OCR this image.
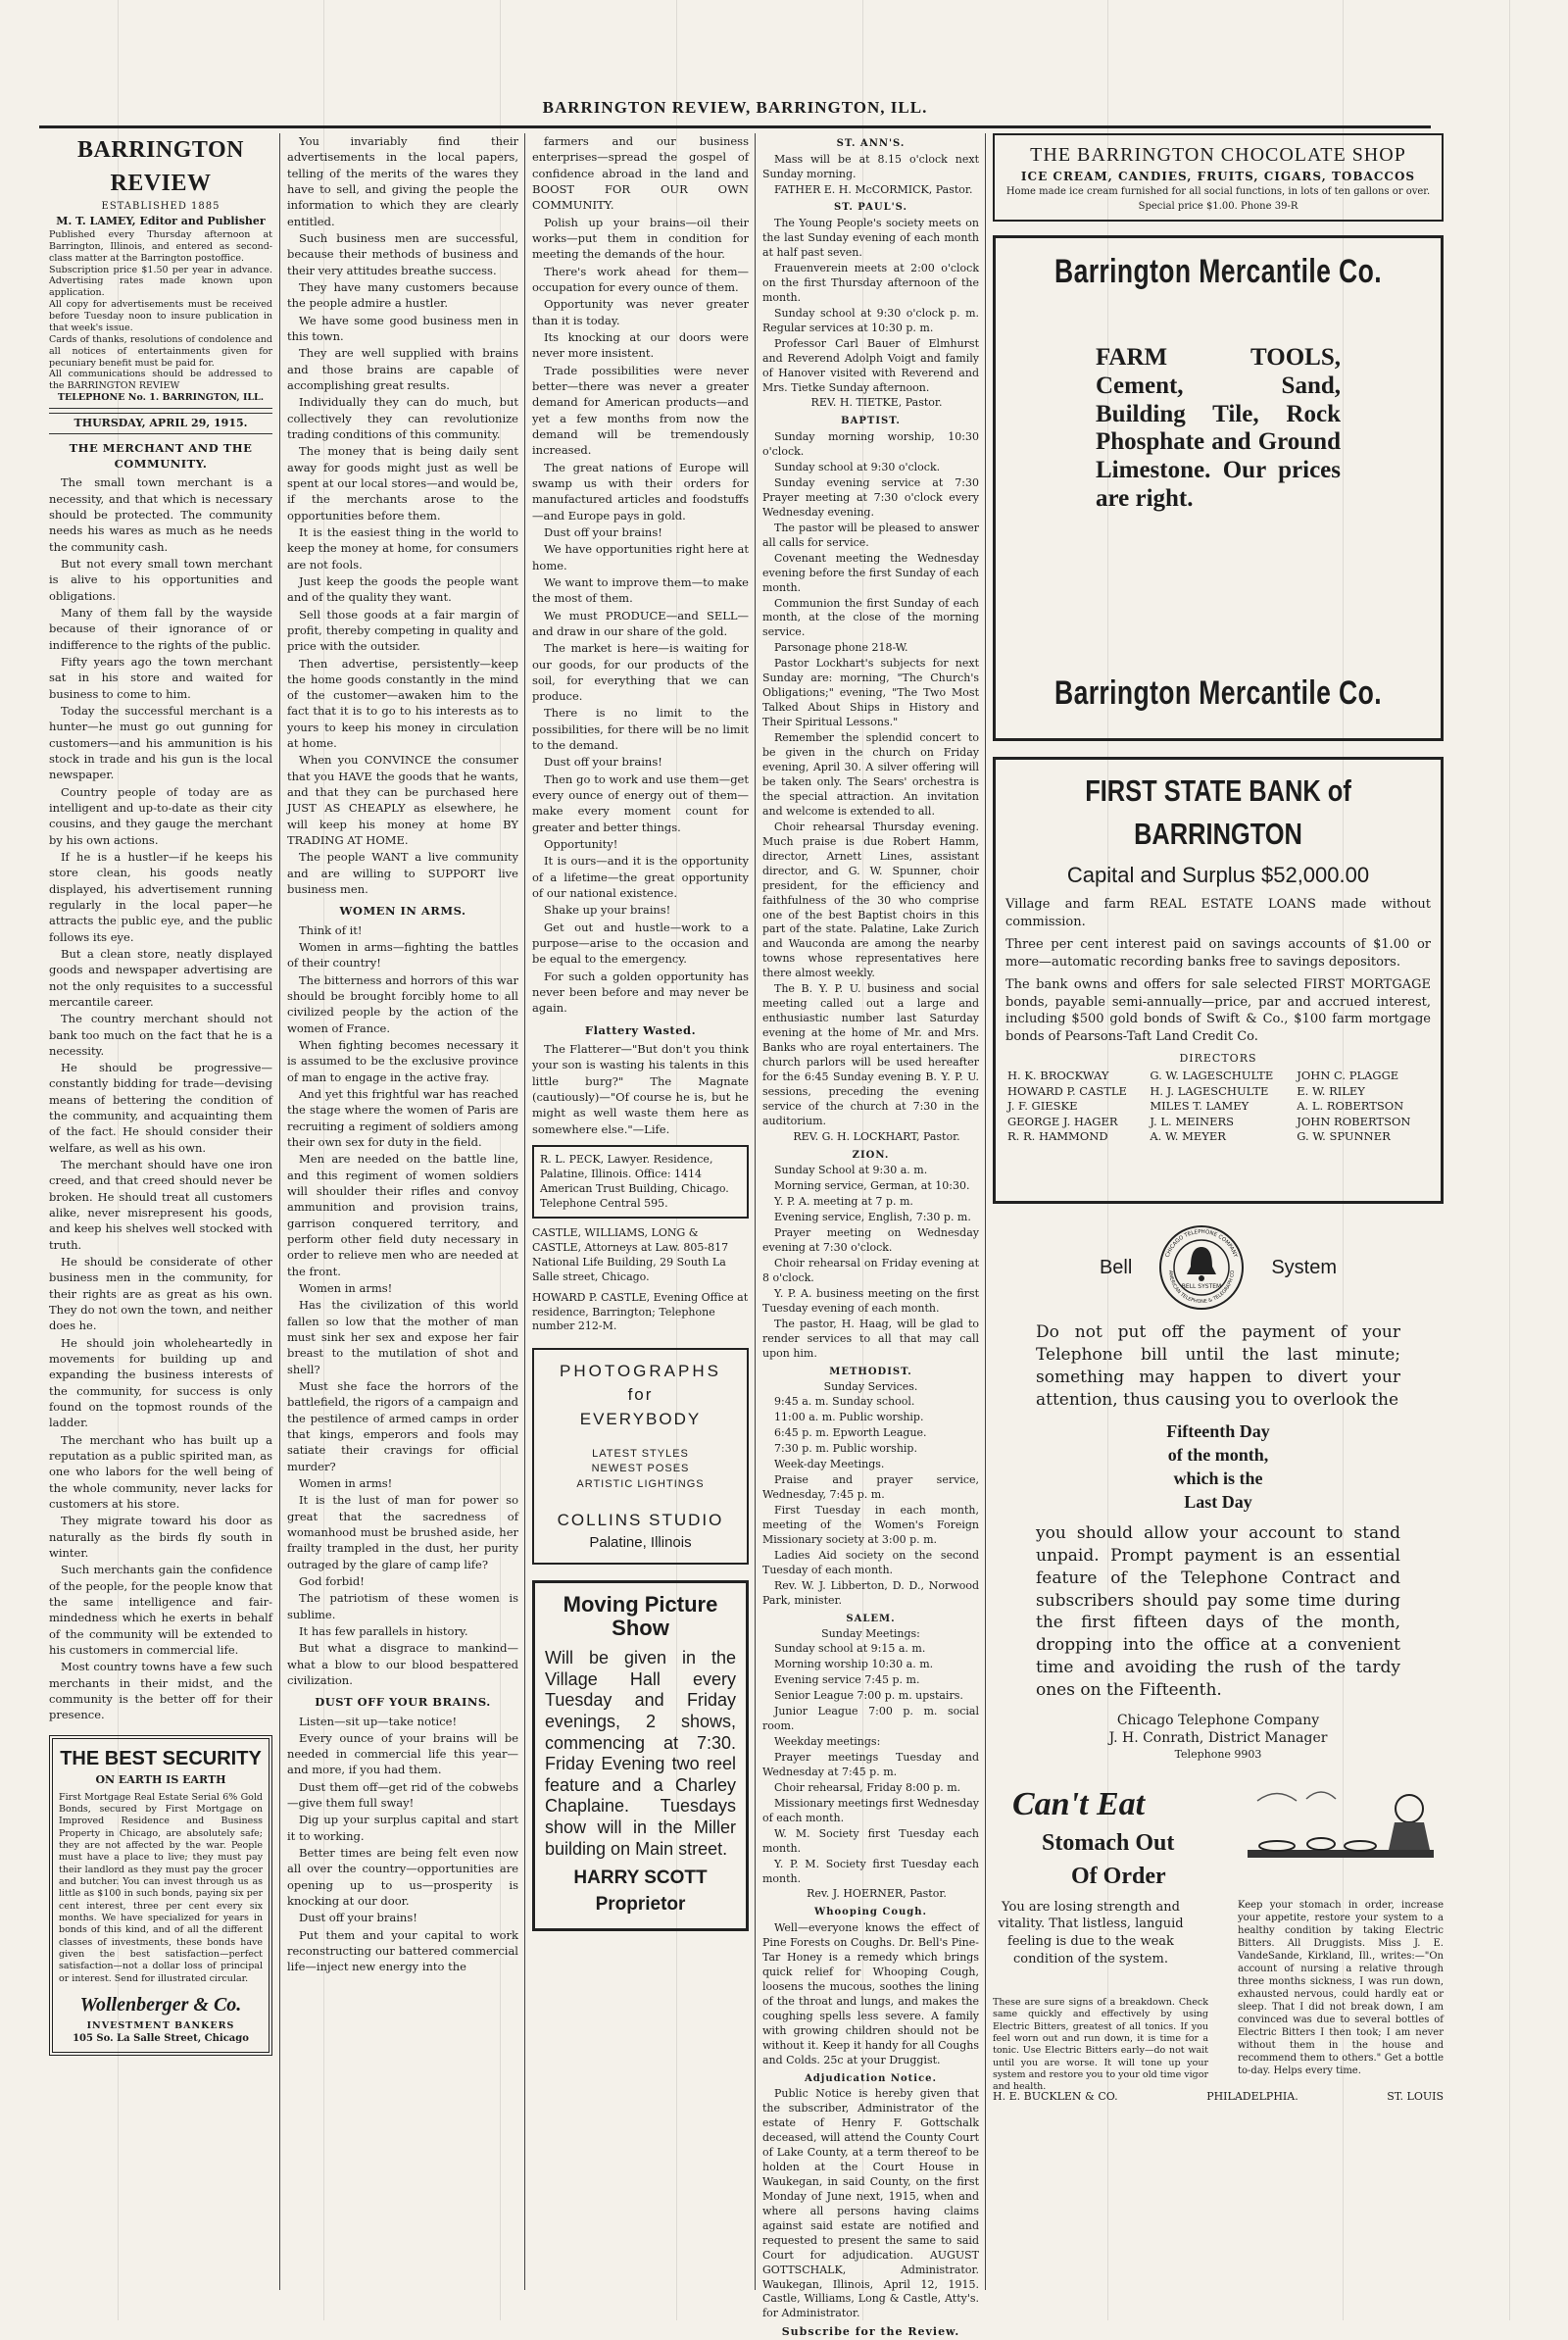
BARRINGTON REVIEW, BARRINGTON, ILL.
BARRINGTON REVIEW
ESTABLISHED 1885
M. T. LAMEY, Editor and Publisher
Published every Thursday afternoon at Barrington, Illinois, and entered as second-class matter at the Barrington postoffice.
Subscription price $1.50 per year in advance. Advertising rates made known upon application.
All copy for advertisements must be received before Tuesday noon to insure publication in that week's issue.
Cards of thanks, resolutions of condolence and all notices of entertainments given for pecuniary benefit must be paid for.
All communications should be addressed to the BARRINGTON REVIEW
TELEPHONE No. 1. BARRINGTON, ILL.
THURSDAY, APRIL 29, 1915.
THE MERCHANT AND THE COMMUNITY.

The small town merchant is a necessity, and that which is necessary should be protected. The community needs his wares as much as he needs the community cash.

But not every small town merchant is alive to his opportunities and obligations.

Many of them fall by the wayside because of their ignorance of or indifference to the rights of the public.

Fifty years ago the town merchant sat in his store and waited for business to come to him.

Today the successful merchant is a hunter—he must go out gunning for customers—and his ammunition is his stock in trade and his gun is the local newspaper.

Country people of today are as intelligent and up-to-date as their city cousins, and they gauge the merchant by his own actions.

If he is a hustler—if he keeps his store clean, his goods neatly displayed, his advertisement running regularly in the local paper—he attracts the public eye, and the public follows its eye.

But a clean store, neatly displayed goods and newspaper advertising are not the only requisites to a successful mercantile career.

The country merchant should not bank too much on the fact that he is a necessity.

He should be progressive—constantly bidding for trade—devising means of bettering the condition of the community, and acquainting them of the fact. He should consider their welfare, as well as his own.

The merchant should have one iron creed, and that creed should never be broken. He should treat all customers alike, never misrepresent his goods, and keep his shelves well stocked with truth.

He should be considerate of other business men in the community, for their rights are as great as his own. They do not own the town, and neither does he.

He should join wholeheartedly in movements for building up and expanding the business interests of the community, for success is only found on the topmost rounds of the ladder.

The merchant who has built up a reputation as a public spirited man, as one who labors for the well being of the whole community, never lacks for customers at his store.

They migrate toward his door as naturally as the birds fly south in winter.

Such merchants gain the confidence of the people, for the people know that the same intelligence and fair-mindedness which he exerts in behalf of the community will be extended to his customers in commercial life.

Most country towns have a few such merchants in their midst, and the community is the better off for their presence.

THE BEST SECURITY
ON EARTH IS EARTH
First Mortgage Real Estate Serial 6% Gold Bonds, secured by First Mortgage on Improved Residence and Business Property in Chicago, are absolutely safe; they are not affected by the war. People must have a place to live; they must pay their landlord as they must pay the grocer and butcher. You can invest through us as little as $100 in such bonds, paying six per cent interest, three per cent every six months. We have specialized for years in bonds of this kind, and of all the different classes of investments, these bonds have given the best satisfaction—perfect satisfaction—not a dollar loss of principal or interest. Send for illustrated circular.
Wollenberger & Co.
INVESTMENT BANKERS
105 So. La Salle Street, Chicago

You invariably find their advertisements in the local papers, telling of the merits of the wares they have to sell, and giving the people the information to which they are clearly entitled.

Such business men are successful, because their methods of business and their very attitudes breathe success.

They have many customers because the people admire a hustler.

We have some good business men in this town.

They are well supplied with brains and those brains are capable of accomplishing great results.

Individually they can do much, but collectively they can revolutionize trading conditions of this community.

The money that is being daily sent away for goods might just as well be spent at our local stores—and would be, if the merchants arose to the opportunities before them.

It is the easiest thing in the world to keep the money at home, for consumers are not fools.

Just keep the goods the people want and of the quality they want.

Sell those goods at a fair margin of profit, thereby competing in quality and price with the outsider.

Then advertise, persistently—keep the home goods constantly in the mind of the customer—awaken him to the fact that it is to go to his interests as to yours to keep his money in circulation at home.

When you CONVINCE the consumer that you HAVE the goods that he wants, and that they can be purchased here JUST AS CHEAPLY as elsewhere, he will keep his money at home BY TRADING AT HOME.

The people WANT a live community and are willing to SUPPORT live business men.

WOMEN IN ARMS.

Think of it!

Women in arms—fighting the battles of their country!

The bitterness and horrors of this war should be brought forcibly home to all civilized people by the action of the women of France.

When fighting becomes necessary it is assumed to be the exclusive province of man to engage in the active fray.

And yet this frightful war has reached the stage where the women of Paris are recruiting a regiment of soldiers among their own sex for duty in the field.

Men are needed on the battle line, and this regiment of women soldiers will shoulder their rifles and convoy ammunition and provision trains, garrison conquered territory, and perform other field duty necessary in order to relieve men who are needed at the front.

Women in arms!

Has the civilization of this world fallen so low that the mother of man must sink her sex and expose her fair breast to the mutilation of shot and shell?

Must she face the horrors of the battlefield, the rigors of a campaign and the pestilence of armed camps in order that kings, emperors and fools may satiate their cravings for official murder?

Women in arms!

It is the lust of man for power so great that the sacredness of womanhood must be brushed aside, her frailty trampled in the dust, her purity outraged by the glare of camp life?

God forbid!

The patriotism of these women is sublime.

It has few parallels in history.

But what a disgrace to mankind—what a blow to our blood bespattered civilization.

DUST OFF YOUR BRAINS.

Listen—sit up—take notice!

Every ounce of your brains will be needed in commercial life this year—and more, if you had them.

Dust them off—get rid of the cobwebs—give them full sway!

Dig up your surplus capital and start it to working.

Better times are being felt even now all over the country—opportunities are opening up to us—prosperity is knocking at our door.

Dust off your brains!

Put them and your capital to work reconstructing our battered commercial life—inject new energy into the

farmers and our business enterprises—spread the gospel of confidence abroad in the land and BOOST FOR OUR OWN COMMUNITY.

Polish up your brains—oil their works—put them in condition for meeting the demands of the hour.

There's work ahead for them—occupation for every ounce of them.

Opportunity was never greater than it is today.

Its knocking at our doors were never more insistent.

Trade possibilities were never better—there was never a greater demand for American products—and yet a few months from now the demand will be tremendously increased.

The great nations of Europe will swamp us with their orders for manufactured articles and foodstuffs—and Europe pays in gold.

Dust off your brains!

We have opportunities right here at home.

We want to improve them—to make the most of them.

We must PRODUCE—and SELL—and draw in our share of the gold.

The market is here—is waiting for our goods, for our products of the soil, for everything that we can produce.

There is no limit to the possibilities, for there will be no limit to the demand.

Dust off your brains!

Then go to work and use them—get every ounce of energy out of them—make every moment count for greater and better things.

Opportunity!

It is ours—and it is the opportunity of a lifetime—the great opportunity of our national existence.

Shake up your brains!

Get out and hustle—work to a purpose—arise to the occasion and be equal to the emergency.

For such a golden opportunity has never been before and may never be again.

Flattery Wasted.

The Flatterer—"But don't you think your son is wasting his talents in this little burg?" The Magnate (cautiously)—"Of course he is, but he might as well waste them here as somewhere else."—Life.

R. L. PECK, Lawyer. Residence, Palatine, Illinois. Office: 1414 American Trust Building, Chicago. Telephone Central 595.
CASTLE, WILLIAMS, LONG & CASTLE, Attorneys at Law. 805-817 National Life Building, 29 South La Salle street, Chicago.
HOWARD P. CASTLE, Evening Office at residence, Barrington; Telephone number 212-M.
PHOTOGRAPHS
for
EVERYBODY
LATEST STYLES
NEWEST POSES
ARTISTIC LIGHTINGS
COLLINS STUDIO
Palatine, Illinois
Moving Picture Show
Will be given in the Village Hall every Tuesday and Friday evenings, 2 shows, commencing at 7:30. Friday Evening two reel feature and a Charley Chaplaine. Tuesdays show will in the Miller building on Main street.
HARRY SCOTT
Proprietor
ST. ANN'S.

Mass will be at 8.15 o'clock next Sunday morning.

FATHER E. H. McCORMICK, Pastor.

ST. PAUL'S.

The Young People's society meets on the last Sunday evening of each month at half past seven.

Frauenverein meets at 2:00 o'clock on the first Thursday afternoon of the month.

Sunday school at 9:30 o'clock p. m. Regular services at 10:30 p. m.

Professor Carl Bauer of Elmhurst and Reverend Adolph Voigt and family of Hanover visited with Reverend and Mrs. Tietke Sunday afternoon.

REV. H. TIETKE, Pastor.

BAPTIST.

Sunday morning worship, 10:30 o'clock.

Sunday school at 9:30 o'clock.

Sunday evening service at 7:30 Prayer meeting at 7:30 o'clock every Wednesday evening.

The pastor will be pleased to answer all calls for service.

Covenant meeting the Wednesday evening before the first Sunday of each month.

Communion the first Sunday of each month, at the close of the morning service.

Parsonage phone 218-W.

Pastor Lockhart's subjects for next Sunday are: morning, "The Church's Obligations;" evening, "The Two Most Talked About Ships in History and Their Spiritual Lessons."

Remember the splendid concert to be given in the church on Friday evening, April 30. A silver offering will be taken only. The Sears' orchestra is the special attraction. An invitation and welcome is extended to all.

Choir rehearsal Thursday evening. Much praise is due Robert Hamm, director, Arnett Lines, assistant director, and G. W. Spunner, choir president, for the efficiency and faithfulness of the 30 who comprise one of the best Baptist choirs in this part of the state. Palatine, Lake Zurich and Wauconda are among the nearby towns whose representatives here there almost weekly.

The B. Y. P. U. business and social meeting called out a large and enthusiastic number last Saturday evening at the home of Mr. and Mrs. Banks who are royal entertainers. The church parlors will be used hereafter for the 6:45 Sunday evening B. Y. P. U. sessions, preceding the evening service of the church at 7:30 in the auditorium.

REV. G. H. LOCKHART, Pastor.

ZION.

Sunday School at 9:30 a. m.

Morning service, German, at 10:30.

Y. P. A. meeting at 7 p. m.

Evening service, English, 7:30 p. m.

Prayer meeting on Wednesday evening at 7:30 o'clock.

Choir rehearsal on Friday evening at 8 o'clock.

Y. P. A. business meeting on the first Tuesday evening of each month.

The pastor, H. Haag, will be glad to render services to all that may call upon him.

METHODIST.
Sunday Services.

9:45 a. m. Sunday school.

11:00 a. m. Public worship.

6:45 p. m. Epworth League.

7:30 p. m. Public worship.

Week-day Meetings.

Praise and prayer service, Wednesday, 7:45 p. m.

First Tuesday in each month, meeting of the Women's Foreign Missionary society at 3:00 p. m.

Ladies Aid society on the second Tuesday of each month.

Rev. W. J. Libberton, D. D., Norwood Park, minister.

SALEM.
Sunday Meetings:

Sunday school at 9:15 a. m.

Morning worship 10:30 a. m.

Evening service 7:45 p. m.

Senior League 7:00 p. m. upstairs.

Junior League 7:00 p. m. social room.

Weekday meetings:

Prayer meetings Tuesday and Wednesday at 7:45 p. m.

Choir rehearsal, Friday 8:00 p. m.

Missionary meetings first Wednesday of each month.

W. M. Society first Tuesday each month.

Y. P. M. Society first Tuesday each month.

Rev. J. HOERNER, Pastor.

Whooping Cough.

Well—everyone knows the effect of Pine Forests on Coughs. Dr. Bell's Pine-Tar Honey is a remedy which brings quick relief for Whooping Cough, loosens the mucous, soothes the lining of the throat and lungs, and makes the coughing spells less severe. A family with growing children should not be without it. Keep it handy for all Coughs and Colds. 25c at your Druggist.

Adjudication Notice.

Public Notice is hereby given that the subscriber, Administrator of the estate of Henry F. Gottschalk deceased, will attend the County Court of Lake County, at a term thereof to be holden at the Court House in Waukegan, in said County, on the first Monday of June next, 1915, when and where all persons having claims against said estate are notified and requested to present the same to said Court for adjudication. AUGUST GOTTSCHALK, Administrator. Waukegan, Illinois, April 12, 1915. Castle, Williams, Long & Castle, Atty's. for Administrator.

Subscribe for the Review.
THE BARRINGTON CHOCOLATE SHOP
ICE CREAM, CANDIES, FRUITS, CIGARS, TOBACCOS
Home made ice cream furnished for all social functions, in lots of ten gallons or over. Special price $1.00. Phone 39-R
Barrington Mercantile Co.
FARM TOOLS, Cement, Sand, Building Tile, Rock Phosphate and Ground Limestone. Our prices are right.
Barrington Mercantile Co.
FIRST STATE BANK of BARRINGTON
Capital and Surplus $52,000.00
Village and farm REAL ESTATE LOANS made without commission.
Three per cent interest paid on savings accounts of $1.00 or more—automatic recording banks free to savings depositors.
The bank owns and offers for sale selected FIRST MORTGAGE bonds, payable semi-annually—price, par and accrued interest, including $500 gold bonds of Swift & Co., $100 farm mortgage bonds of Pearsons-Taft Land Credit Co.
DIRECTORS
H. K. BROCKWAY	G. W. LAGESCHULTE	JOHN C. PLAGGE
HOWARD P. CASTLE	H. J. LAGESCHULTE	E. W. RILEY
J. F. GIESKE	MILES T. LAMEY	A. L. ROBERTSON
GEORGE J. HAGER	J. L. MEINERS	JOHN ROBERTSON
R. R. HAMMOND	A. W. MEYER	G. W. SPUNNER
Bell
BELL SYSTEM
CHICAGO TELEPHONE COMPANY
AMERICAN TELEPHONE & TELEGRAPH CO System
Do not put off the payment of your Telephone bill until the last minute; something may happen to divert your attention, thus causing you to overlook the
Fifteenth Day
of the month,
which is the
Last Day
you should allow your account to stand unpaid. Prompt payment is an essential feature of the Telephone Contract and subscribers should pay some time during the first fifteen days of the month, dropping into the office at a convenient time and avoiding the rush of the tardy ones on the Fifteenth.
Chicago Telephone Company
J. H. Conrath, District Manager
Telephone 9903
Can't Eat
Stomach Out
Of Order
You are losing strength and vitality. That listless, languid feeling is due to the weak condition of the system.
Keep your stomach in order, increase your appetite, restore your system to a healthy condition by taking Electric Bitters. All Druggists. Miss J. E. VandeSande, Kirkland, Ill., writes:—"On account of nursing a relative through three months sickness, I was run down, exhausted nervous, could hardly eat or sleep. That I did not break down, I am convinced was due to several bottles of Electric Bitters I then took; I am never without them in the house and recommend them to others." Get a bottle to-day. Helps every time.
These are sure signs of a breakdown. Check same quickly and effectively by using Electric Bitters, greatest of all tonics. If you feel worn out and run down, it is time for a tonic. Use Electric Bitters early—do not wait until you are worse. It will tone up your system and restore you to your old time vigor and health.
H. E. BUCKLEN & CO.	PHILADELPHIA.	ST. LOUIS
